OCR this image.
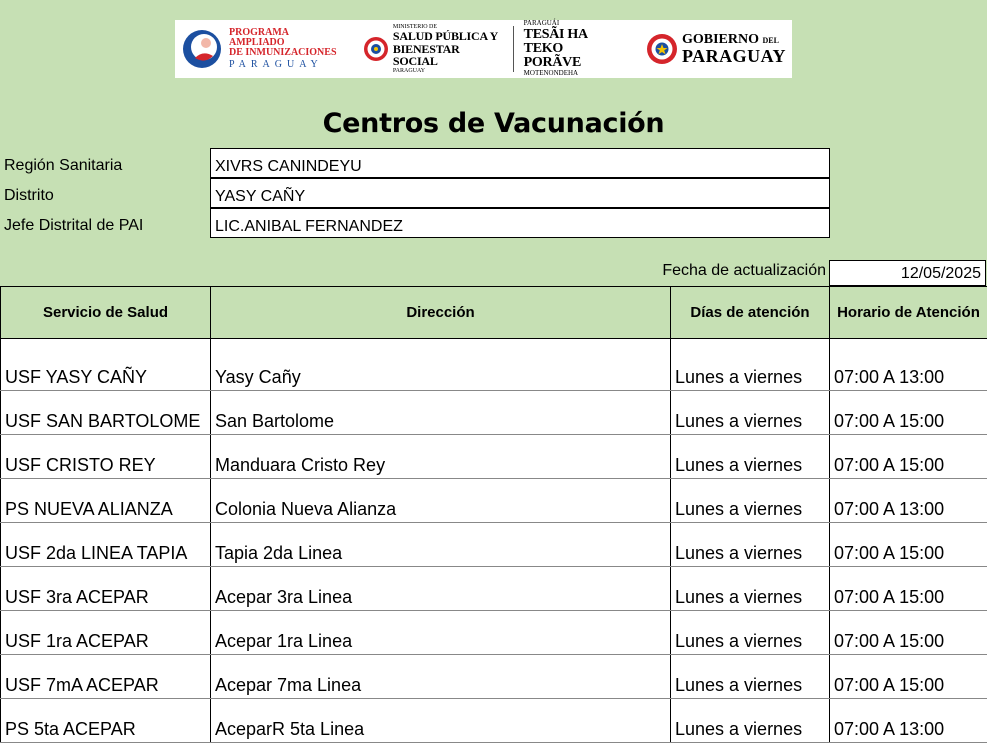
PROGRAMA AMPLIADO
DE INMUNIZACIONES
PARAGUAY
MINISTERIO DE
SALUD PÚBLICA Y
BIENESTAR SOCIAL
PARAGUAY
PARAGUÁI
TESÃI HA TEKO
PORÃVE
MOTENONDEHA
GOBIERNO DEL
PARAGUAY
Centros de Vacunación
Región Sanitaria	XIVRS CANINDEYU
Distrito	YASY CAÑY
Jefe Distrital de PAI	LIC.ANIBAL FERNANDEZ
Fecha de actualización	12/05/2025
Servicio de Salud	Dirección	Días de atención	Horario de Atención
USF YASY CAÑY	Yasy Cañy	Lunes a viernes	07:00 A 13:00
USF SAN BARTOLOME	San Bartolome	Lunes a viernes	07:00 A 15:00
USF CRISTO REY	Manduara Cristo Rey	Lunes a viernes	07:00 A 15:00
PS NUEVA ALIANZA	Colonia Nueva Alianza	Lunes a viernes	07:00 A 13:00
USF 2da LINEA TAPIA	Tapia 2da Linea	Lunes a viernes	07:00 A 15:00
USF 3ra ACEPAR	Acepar 3ra Linea	Lunes a viernes	07:00 A 15:00
USF 1ra ACEPAR	Acepar 1ra Linea	Lunes a viernes	07:00 A 15:00
USF 7mA ACEPAR	Acepar 7ma Linea	Lunes a viernes	07:00 A 15:00
PS 5ta ACEPAR	AceparR 5ta Linea	Lunes a viernes	07:00 A 13:00
